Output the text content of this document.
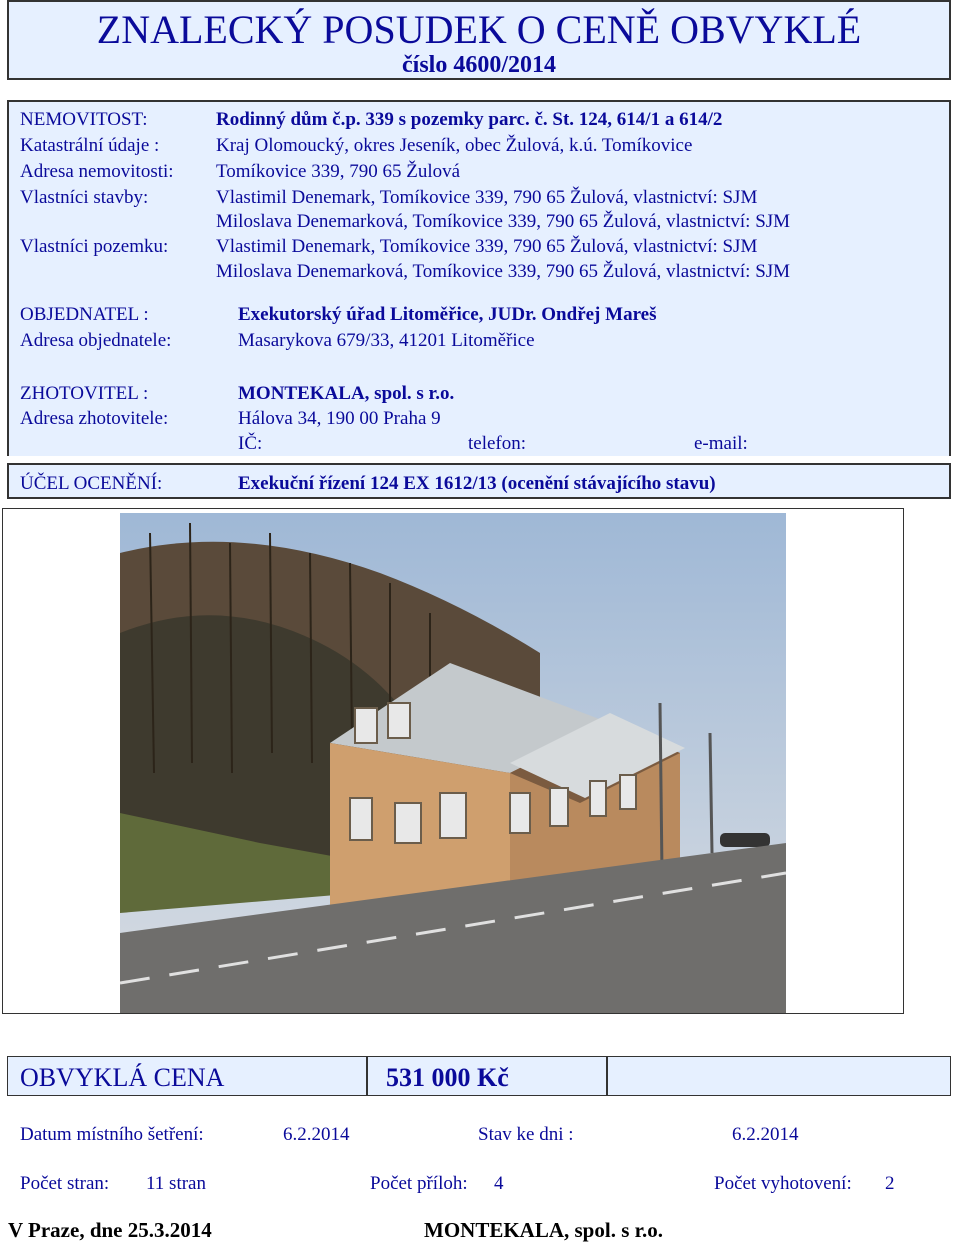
ZNALECKÝ POSUDEK O CENĚ OBVYKLÉ
číslo 4600/2014
NEMOVITOST:	Rodinný dům č.p. 339 s pozemky parc. č. St. 124, 614/1 a 614/2
Katastrální údaje :	Kraj Olomoucký, okres Jeseník, obec Žulová, k.ú. Tomíkovice
Adresa nemovitosti: Tomíkovice 339, 790 65 Žulová
Vlastníci stavby:	Vlastimil Denemark, Tomíkovice 339, 790 65 Žulová, vlastnictví: SJM
Miloslava Denemarková, Tomíkovice 339, 790 65 Žulová, vlastnictví: SJM
Vlastníci pozemku:	Vlastimil Denemark, Tomíkovice 339, 790 65 Žulová, vlastnictví: SJM
Miloslava Denemarková, Tomíkovice 339, 790 65 Žulová, vlastnictví: SJM
OBJEDNATEL :	Exekutorský úřad Litoměřice, JUDr. Ondřej Mareš
Adresa objednatele:	Masarykova 679/33, 41201 Litoměřice
ZHOTOVITEL :	MONTEKALA, spol. s r.o.
Adresa zhotovitele:	Hálova 34, 190 00 Praha 9
IČ:	telefon:	e-mail:
ÚČEL OCENĚNÍ:	Exekuční řízení 124 EX 1612/13 (ocenění stávajícího stavu)
OBVYKLÁ CENA	531 000 Kč
Datum místního šetření:	6.2.2014	Stav ke dni :	6.2.2014
Počet stran: 11 stran	Počet příloh: 4	Počet vyhotovení: 2
V Praze, dne 25.3.2014	MONTEKALA, spol. s r.o.
